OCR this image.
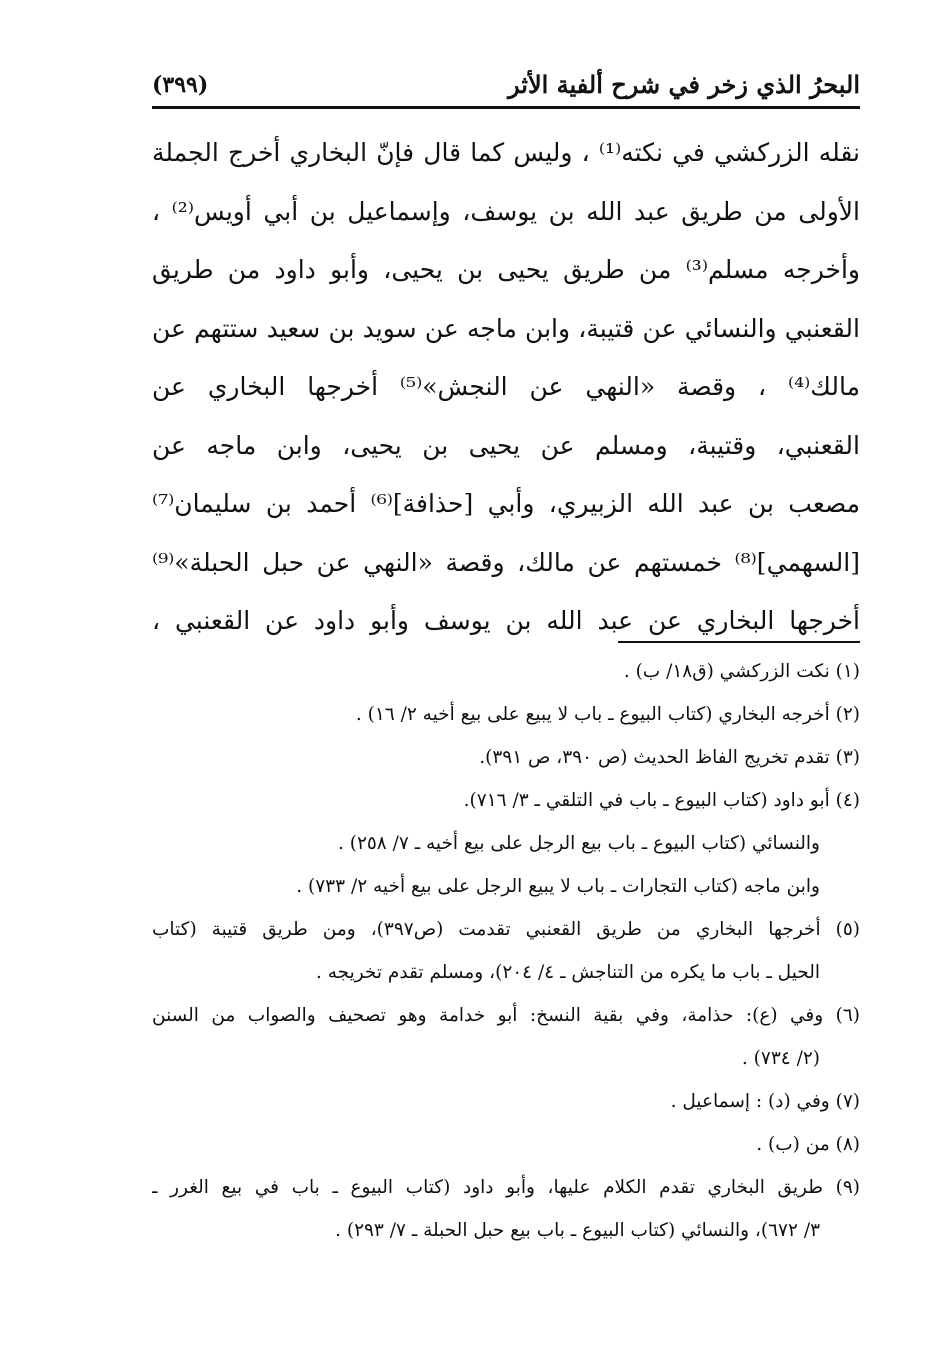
(٣٩٩)	البحرُ الذي زخر في شرح ألفية الأثر
نقله الزركشي في نكته⁽¹⁾ ، وليس كما قال فإنّ البخاري أخرج الجملة
الأولى من طريق عبد الله بن يوسف، وإسماعيل بن أبي أويس⁽²⁾ ،
وأخرجه مسلم⁽³⁾ من طريق يحيى بن يحيى، وأبو داود من طريق
القعنبي والنسائي عن قتيبة، وابن ماجه عن سويد بن سعيد ستتهم عن
مالك⁽⁴⁾ ، وقصة «النهي عن النجش»⁽⁵⁾ أخرجها البخاري عن
القعنبي، وقتيبة، ومسلم عن يحيى بن يحيى، وابن ماجه عن
مصعب بن عبد الله الزبيري، وأبي [حذافة]⁽⁶⁾ أحمد بن سليمان⁽⁷⁾
[السهمي]⁽⁸⁾ خمستهم عن مالك، وقصة «النهي عن حبل الحبلة»⁽⁹⁾
أخرجها البخاري عن عبد الله بن يوسف وأبو داود عن القعنبي ،
(١) نكت الزركشي (ق١٨/ ب) .
(٢) أخرجه البخاري (كتاب البيوع ـ باب لا يبيع على بيع أخيه ٢/ ١٦) .
(٣) تقدم تخريج الفاظ الحديث (ص ٣٩٠، ص ٣٩١).
(٤) أبو داود (كتاب البيوع ـ باب في التلقي ـ ٣/ ٧١٦).
والنسائي (كتاب البيوع ـ باب بيع الرجل على بيع أخيه ـ ٧/ ٢٥٨) .
وابن ماجه (كتاب التجارات ـ باب لا يبيع الرجل على بيع أخيه ٢/ ٧٣٣) .
(٥) أخرجها البخاري من طريق القعنبي تقدمت (ص٣٩٧)، ومن طريق قتيبة (كتاب
الحيل ـ باب ما يكره من التناجش ـ ٤/ ٢٠٤)، ومسلم تقدم تخريجه .
(٦) وفي (ع): حذامة، وفي بقية النسخ: أبو خدامة وهو تصحيف والصواب من السنن
(٢/ ٧٣٤) .
(٧) وفي (د) : إسماعيل .
(٨) من (ب) .
(٩) طريق البخاري تقدم الكلام عليها، وأبو داود (كتاب البيوع ـ باب في بيع الغرر ـ
٣/ ٦٧٢)، والنسائي (كتاب البيوع ـ باب بيع حبل الحبلة ـ ٧/ ٢٩٣) .
